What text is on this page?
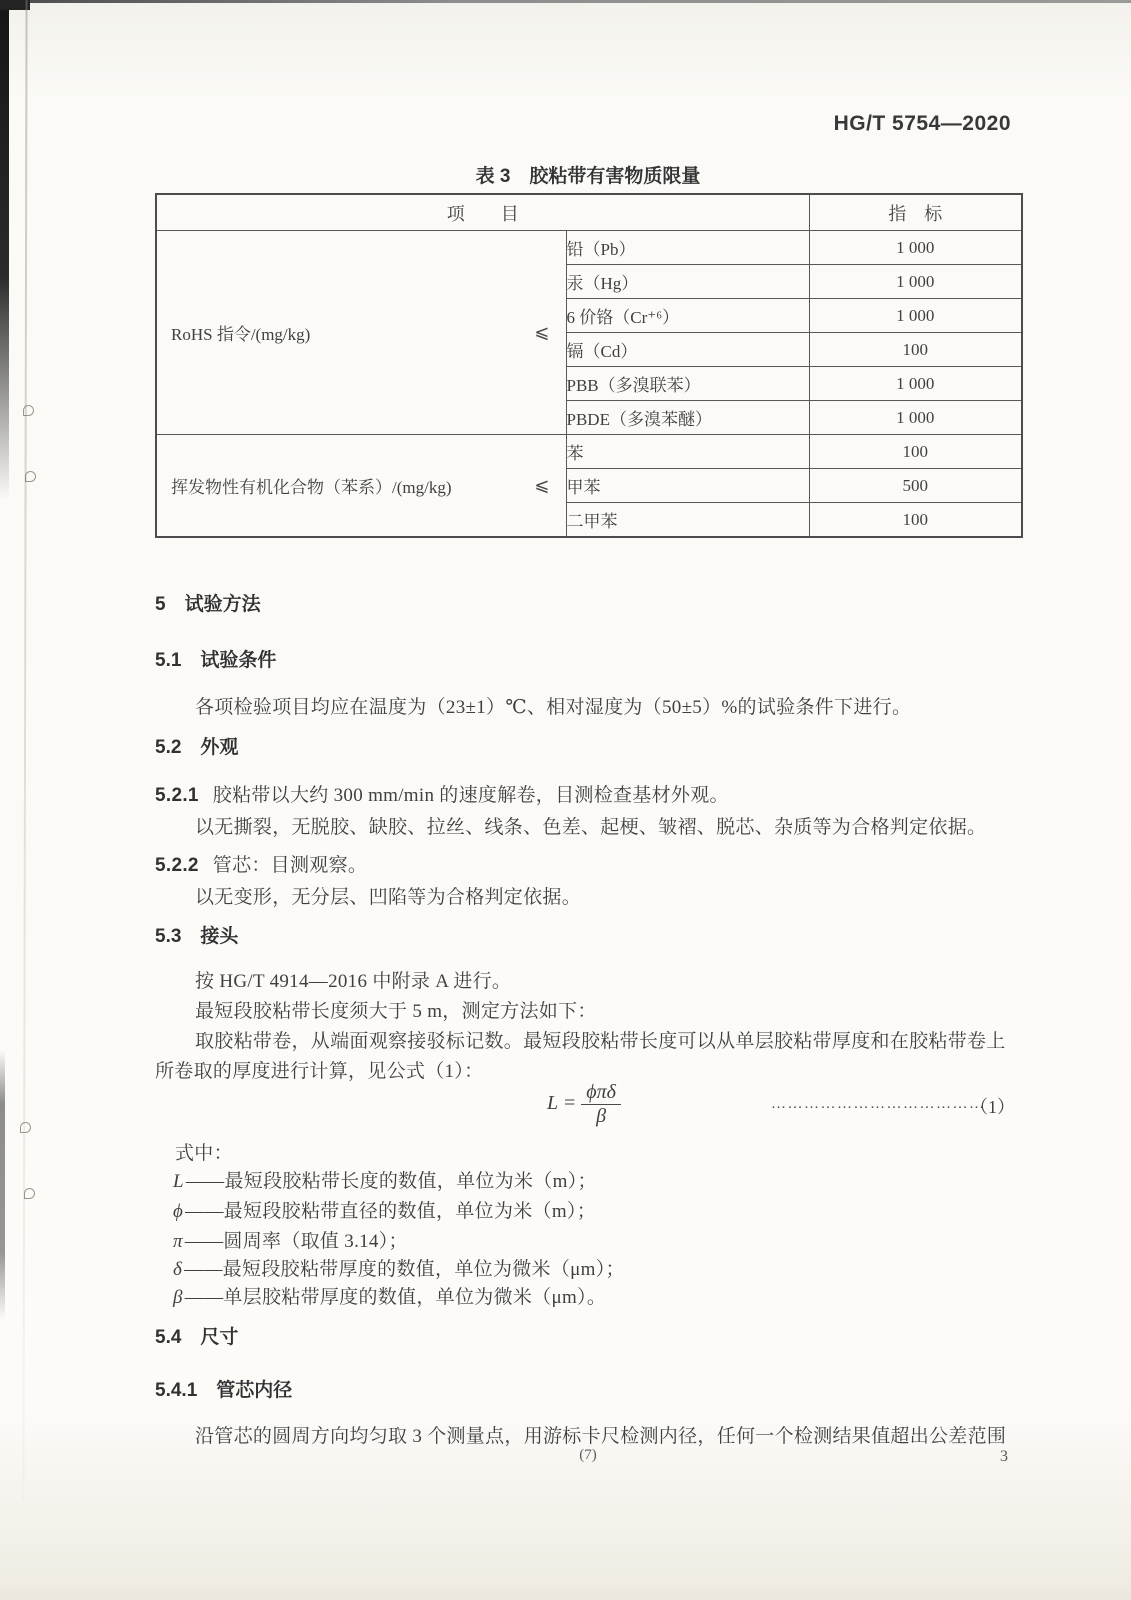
HG/T 5754—2020
表 3　胶粘带有害物质限量
项　　目		指　标

RoHS 指令/(mg/kg) ⩽	铅（Pb）	1 000
	汞（Hg）	1 000
	6 价铬（Cr⁺⁶）	1 000
	镉（Cd）	100
	PBB（多溴联苯）	1 000
	PBDE（多溴苯醚）	1 000

挥发物性有机化合物（苯系）/(mg/kg) ⩽	苯	100
	甲苯	500
	二甲苯	100
5　试验方法
5.1　试验条件
各项检验项目均应在温度为（23±1）℃、相对湿度为（50±5）%的试验条件下进行。
5.2　外观
5.2.1 胶粘带以大约 300 mm/min 的速度解卷，目测检查基材外观。
以无撕裂，无脱胶、缺胶、拉丝、线条、色差、起梗、皱褶、脱芯、杂质等为合格判定依据。
5.2.2 管芯：目测观察。
以无变形，无分层、凹陷等为合格判定依据。
5.3　接头
按 HG/T 4914—2016 中附录 A 进行。
最短段胶粘带长度须大于 5 m，测定方法如下：
取胶粘带卷，从端面观察接驳标记数。最短段胶粘带长度可以从单层胶粘带厚度和在胶粘带卷上
所卷取的厚度进行计算，见公式（1）：
$L = \frac{\text{ϕπδ}}{\beta}$	…………………………………
（1）
式中：
L ——最短段胶粘带长度的数值，单位为米（m）；
ϕ ——最短段胶粘带直径的数值，单位为米（m）；
π ——圆周率（取值 3.14）；
δ ——最短段胶粘带厚度的数值，单位为微米（μm）；
β ——单层胶粘带厚度的数值，单位为微米（μm）。
5.4　尺寸
5.4.1　管芯内径
沿管芯的圆周方向均匀取 3 个测量点，用游标卡尺检测内径，任何一个检测结果值超出公差范围
(7)	3
